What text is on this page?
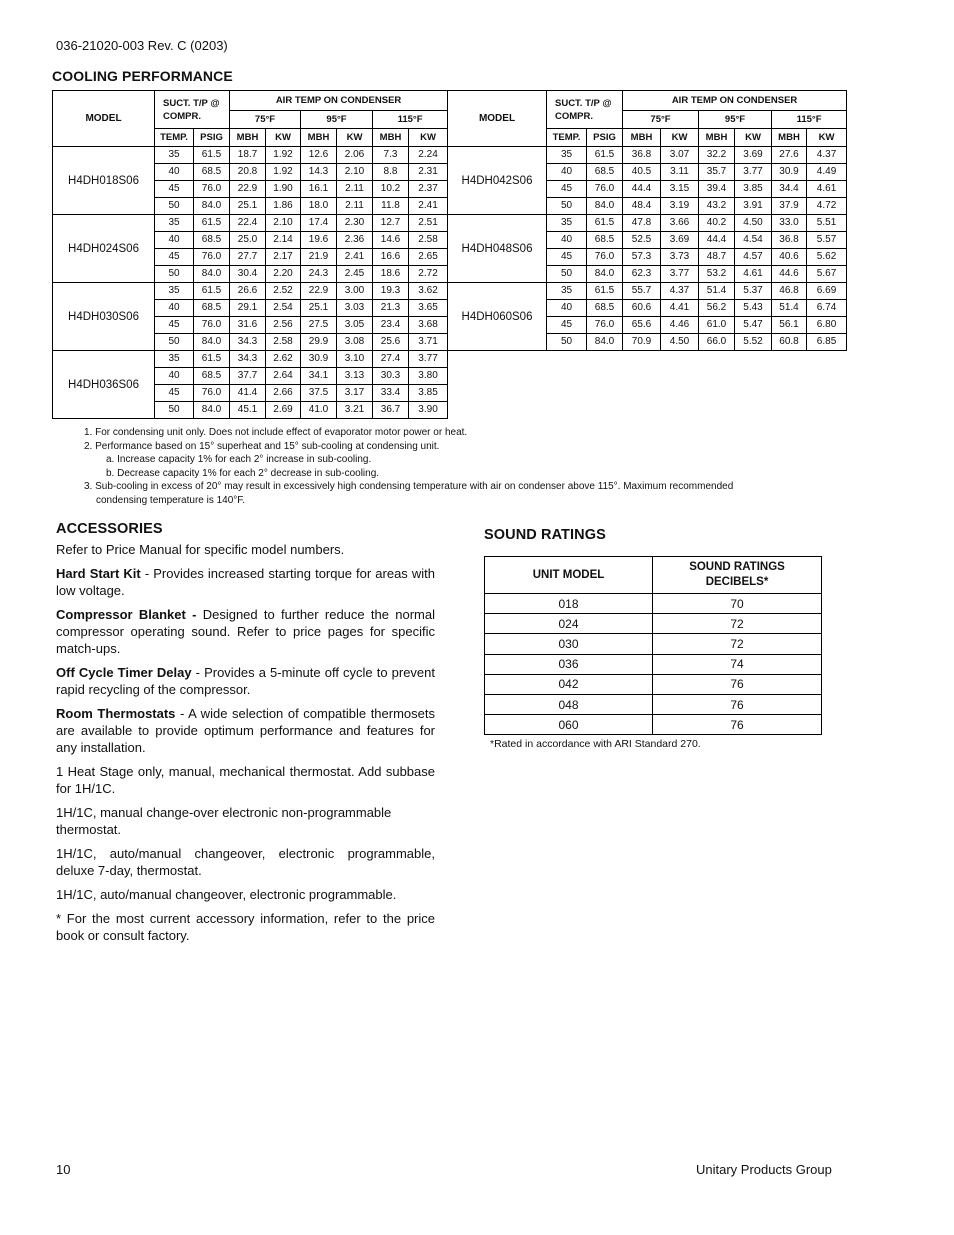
036-21020-003 Rev. C (0203)
COOLING PERFORMANCE
MODEL	SUCT. T/P @ COMPR.		AIR TEMP ON CONDENSER					
			75°F		95°F		115°F	
	TEMP.	PSIG	MBH	KW	MBH	KW	MBH	KW
H4DH018S06	35	61.5	18.7	1.92	12.6	2.06	7.3	2.24
	40	68.5	20.8	1.92	14.3	2.10	8.8	2.31
	45	76.0	22.9	1.90	16.1	2.11	10.2	2.37
	50	84.0	25.1	1.86	18.0	2.11	11.8	2.41
H4DH024S06	35	61.5	22.4	2.10	17.4	2.30	12.7	2.51
	40	68.5	25.0	2.14	19.6	2.36	14.6	2.58
	45	76.0	27.7	2.17	21.9	2.41	16.6	2.65
	50	84.0	30.4	2.20	24.3	2.45	18.6	2.72
H4DH030S06	35	61.5	26.6	2.52	22.9	3.00	19.3	3.62
	40	68.5	29.1	2.54	25.1	3.03	21.3	3.65
	45	76.0	31.6	2.56	27.5	3.05	23.4	3.68
	50	84.0	34.3	2.58	29.9	3.08	25.6	3.71
H4DH036S06	35	61.5	34.3	2.62	30.9	3.10	27.4	3.77
	40	68.5	37.7	2.64	34.1	3.13	30.3	3.80
	45	76.0	41.4	2.66	37.5	3.17	33.4	3.85
	50	84.0	45.1	2.69	41.0	3.21	36.7	3.90
MODEL	SUCT. T/P @ COMPR.		AIR TEMP ON CONDENSER					
			75°F		95°F		115°F	
	TEMP.	PSIG	MBH	KW	MBH	KW	MBH	KW
H4DH042S06	35	61.5	36.8	3.07	32.2	3.69	27.6	4.37
	40	68.5	40.5	3.11	35.7	3.77	30.9	4.49
	45	76.0	44.4	3.15	39.4	3.85	34.4	4.61
	50	84.0	48.4	3.19	43.2	3.91	37.9	4.72
H4DH048S06	35	61.5	47.8	3.66	40.2	4.50	33.0	5.51
	40	68.5	52.5	3.69	44.4	4.54	36.8	5.57
	45	76.0	57.3	3.73	48.7	4.57	40.6	5.62
	50	84.0	62.3	3.77	53.2	4.61	44.6	5.67
H4DH060S06	35	61.5	55.7	4.37	51.4	5.37	46.8	6.69
	40	68.5	60.6	4.41	56.2	5.43	51.4	6.74
	45	76.0	65.6	4.46	61.0	5.47	56.1	6.80
	50	84.0	70.9	4.50	66.0	5.52	60.8	6.85
1. For condensing unit only. Does not include effect of evaporator motor power or heat.
2. Performance based on 15° superheat and 15° sub-cooling at condensing unit.
a. Increase capacity 1% for each 2° increase in sub-cooling.
b. Decrease capacity 1% for each 2° decrease in sub-cooling.
3. Sub-cooling in excess of 20° may result in excessively high condensing temperature with air on condenser above 115°. Maximum recommended
condensing temperature is 140°F.
ACCESSORIES

Refer to Price Manual for specific model numbers.

Hard Start Kit - Provides increased starting torque for areas with low voltage.

Compressor Blanket - Designed to further reduce the normal compressor operating sound. Refer to price pages for specific match-ups.

Off Cycle Timer Delay - Provides a 5-minute off cycle to prevent rapid recycling of the compressor.

Room Thermostats - A wide selection of compatible thermosets are available to provide optimum performance and features for any installation.

1 Heat Stage only, manual, mechanical thermostat. Add subbase for 1H/1C.

1H/1C, manual change-over electronic non-programmable thermostat.

1H/1C, auto/manual changeover, electronic programmable, deluxe 7-day, thermostat.

1H/1C, auto/manual changeover, electronic programmable.

* For the most current accessory information, refer to the price book or consult factory.

SOUND RATINGS
UNIT MODEL	SOUND RATINGS DECIBELS*
018	70
024	72
030	72
036	74
042	76
048	76
060	76
*Rated in accordance with ARI Standard 270.
10	Unitary Products Group
